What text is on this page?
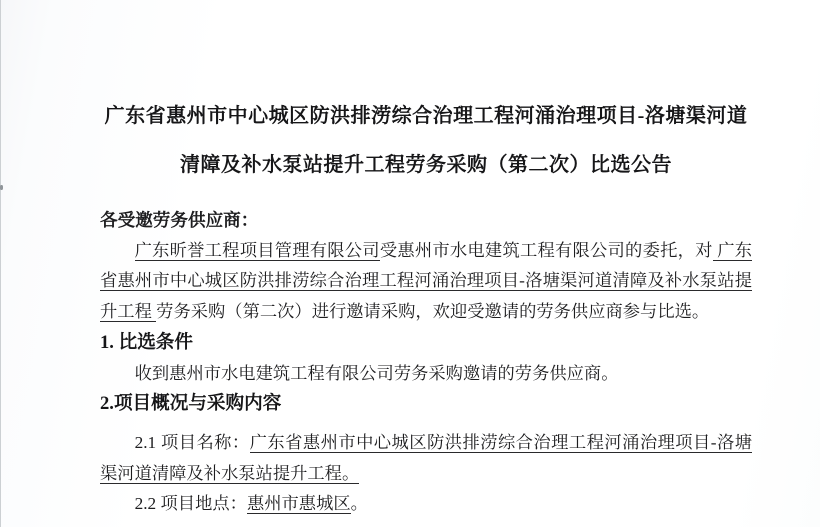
广东省惠州市中心城区防洪排涝综合治理工程河涌治理项目-洛塘渠河道
清障及补水泵站提升工程劳务采购（第二次）比选公告
各受邀劳务供应商：
广东昕誉工程项目管理有限公司受惠州市水电建筑工程有限公司的委托，对 广东省惠州市中心城区防洪排涝综合治理工程河涌治理项目-洛塘渠河道清障及补水泵站提升工程 劳务采购（第二次）进行邀请采购，欢迎受邀请的劳务供应商参与比选。
1. 比选条件
收到惠州市水电建筑工程有限公司劳务采购邀请的劳务供应商。
2.项目概况与采购内容
2.1 项目名称：广东省惠州市中心城区防洪排涝综合治理工程河涌治理项目-洛塘渠河道清障及补水泵站提升工程。
2.2 项目地点：惠州市惠城区。
